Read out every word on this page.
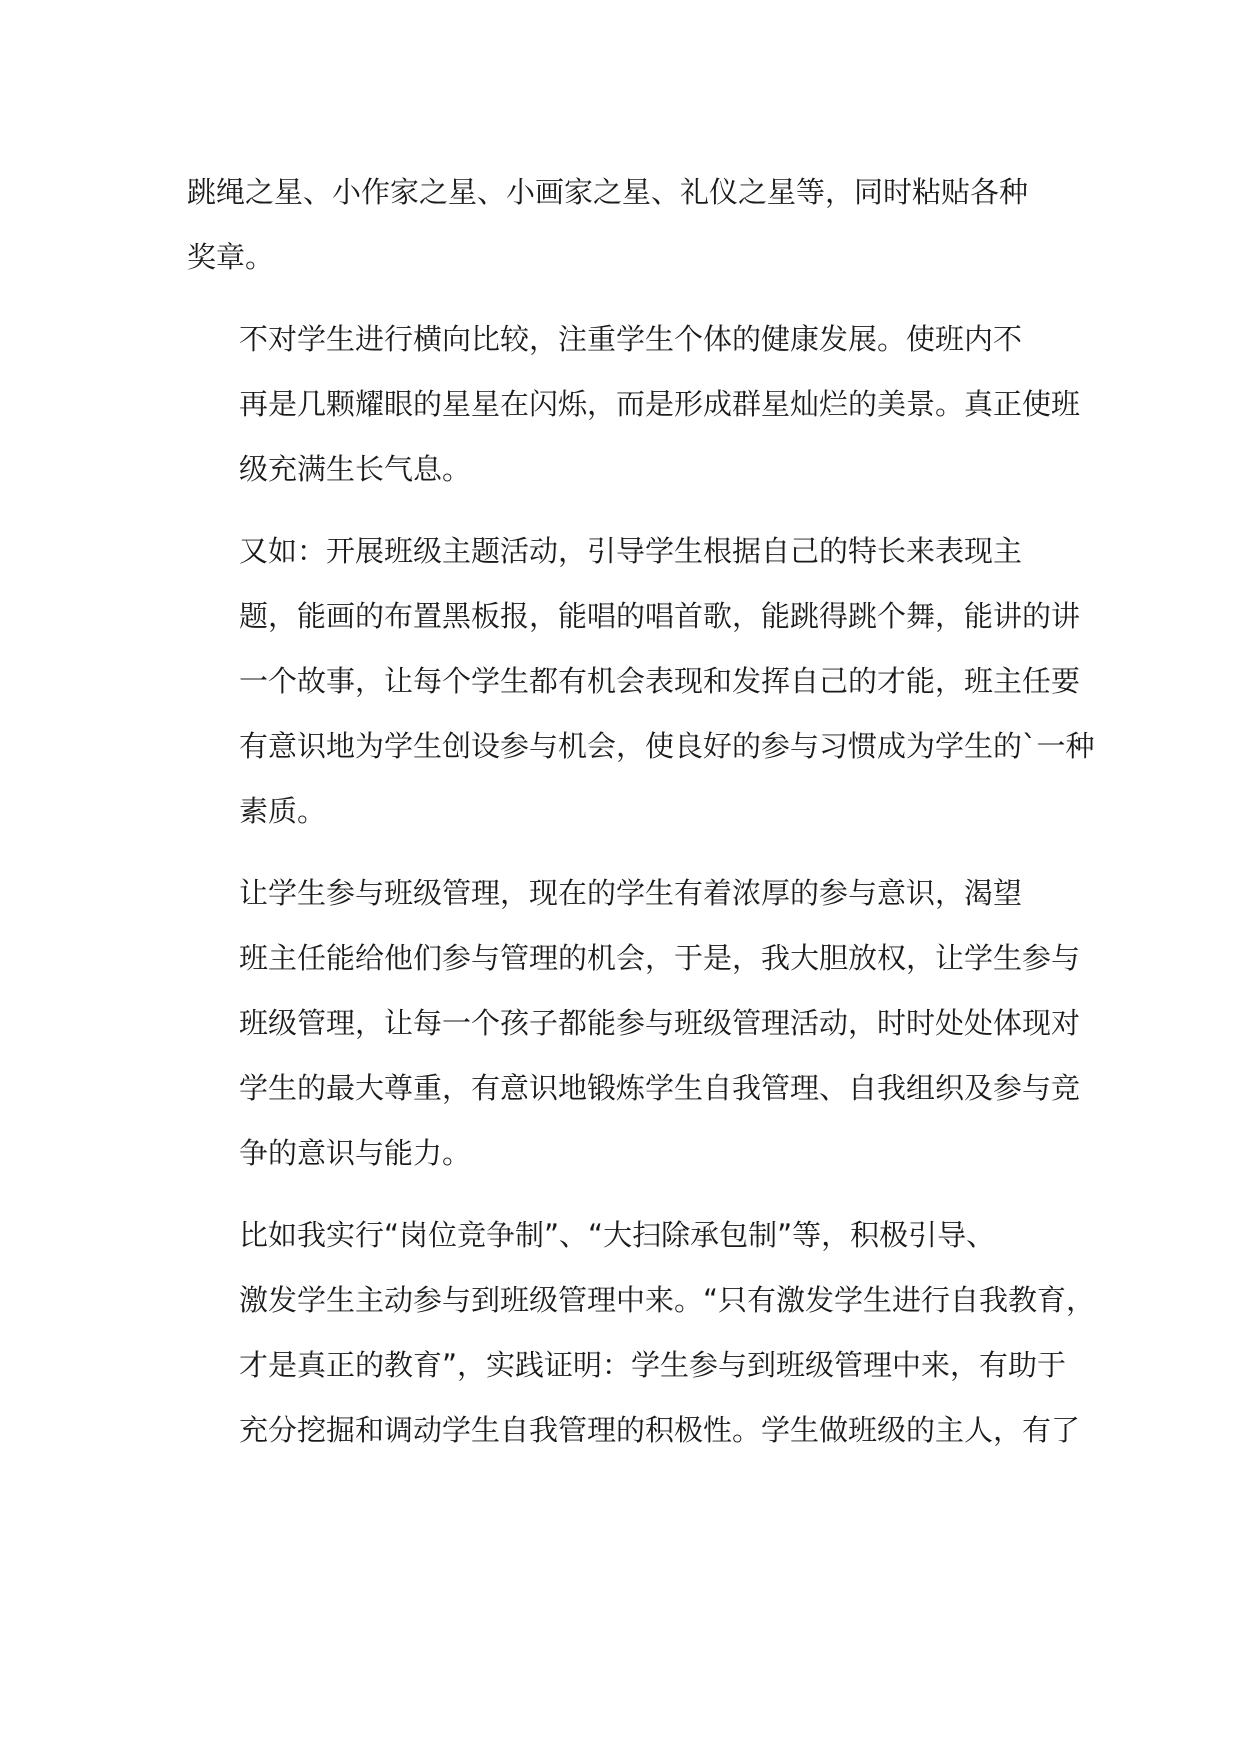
跳绳之星、小作家之星、小画家之星、礼仪之星等，同时粘贴各种
奖章。

不对学生进行横向比较，注重学生个体的健康发展。使班内不
再是几颗耀眼的星星在闪烁，而是形成群星灿烂的美景。真正使班
级充满生长气息。

又如：开展班级主题活动，引导学生根据自己的特长来表现主
题，能画的布置黑板报，能唱的唱首歌，能跳得跳个舞，能讲的讲
一个故事，让每个学生都有机会表现和发挥自己的才能，班主任要
有意识地为学生创设参与机会，使良好的参与习惯成为学生的`一种
素质。

让学生参与班级管理，现在的学生有着浓厚的参与意识，渴望
班主任能给他们参与管理的机会，于是，我大胆放权，让学生参与
班级管理，让每一个孩子都能参与班级管理活动，时时处处体现对
学生的最大尊重，有意识地锻炼学生自我管理、自我组织及参与竞
争的意识与能力。

比如我实行“岗位竞争制”、“大扫除承包制”等，积极引导、
激发学生主动参与到班级管理中来。“只有激发学生进行自我教育，
才是真正的教育”，实践证明：学生参与到班级管理中来，有助于
充分挖掘和调动学生自我管理的积极性。学生做班级的主人，有了
